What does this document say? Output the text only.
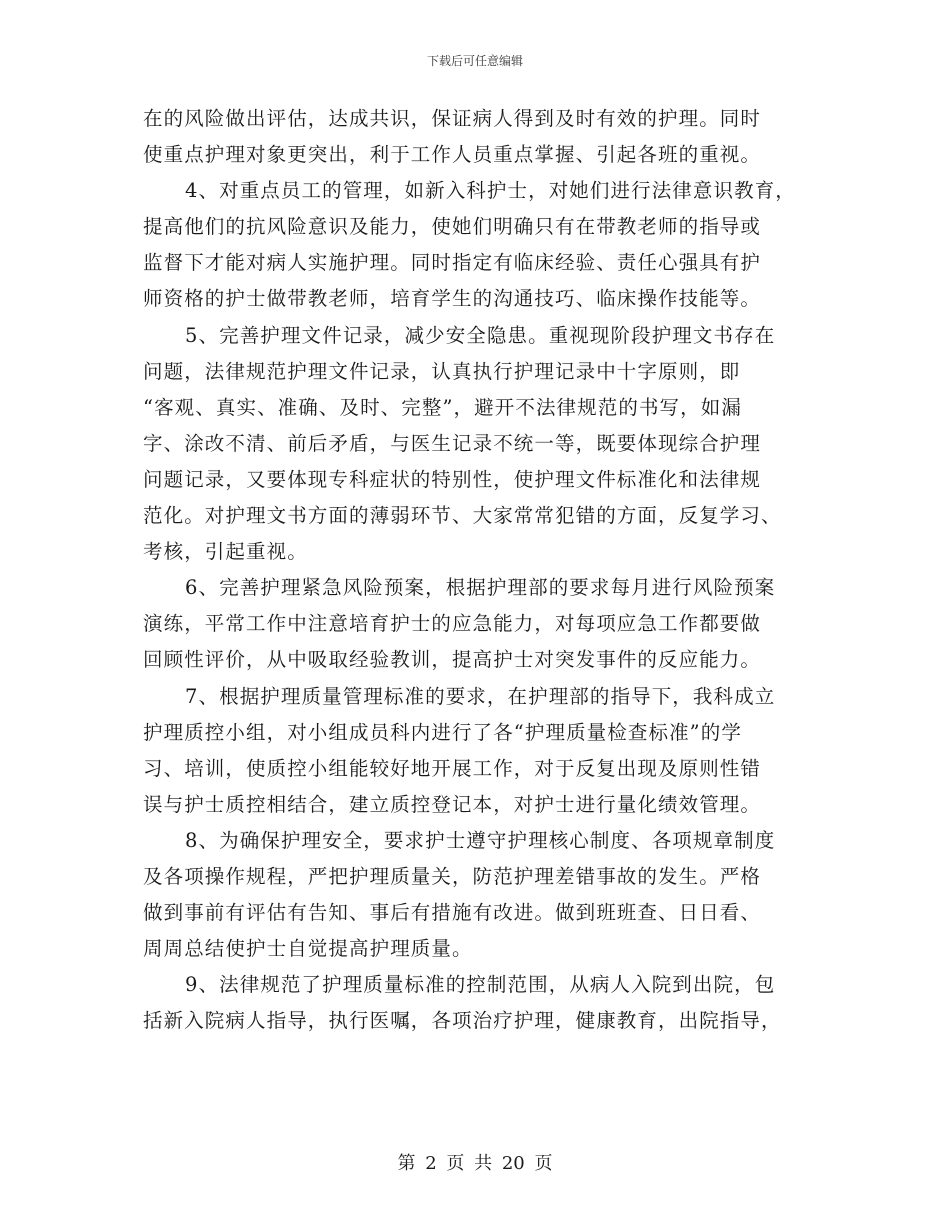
下载后可任意编辑
在的风险做出评估，达成共识，保证病人得到及时有效的护理。同时
使重点护理对象更突出，利于工作人员重点掌握、引起各班的重视。
4、对重点员工的管理，如新入科护士，对她们进行法律意识教育，
提高他们的抗风险意识及能力，使她们明确只有在带教老师的指导或
监督下才能对病人实施护理。同时指定有临床经验、责任心强具有护
师资格的护士做带教老师，培育学生的沟通技巧、临床操作技能等。
5、完善护理文件记录，减少安全隐患。重视现阶段护理文书存在
问题，法律规范护理文件记录，认真执行护理记录中十字原则，即
“客观、真实、准确、及时、完整”，避开不法律规范的书写，如漏
字、涂改不清、前后矛盾，与医生记录不统一等，既要体现综合护理
问题记录，又要体现专科症状的特别性，使护理文件标准化和法律规
范化。对护理文书方面的薄弱环节、大家常常犯错的方面，反复学习、
考核，引起重视。
6、完善护理紧急风险预案，根据护理部的要求每月进行风险预案
演练，平常工作中注意培育护士的应急能力，对每项应急工作都要做
回顾性评价，从中吸取经验教训，提高护士对突发事件的反应能力。
7、根据护理质量管理标准的要求，在护理部的指导下，我科成立
护理质控小组，对小组成员科内进行了各“护理质量检查标准”的学
习、培训，使质控小组能较好地开展工作，对于反复出现及原则性错
误与护士质控相结合，建立质控登记本，对护士进行量化绩效管理。
8、为确保护理安全，要求护士遵守护理核心制度、各项规章制度
及各项操作规程，严把护理质量关，防范护理差错事故的发生。严格
做到事前有评估有告知、事后有措施有改进。做到班班查、日日看、
周周总结使护士自觉提高护理质量。
9、法律规范了护理质量标准的控制范围，从病人入院到出院，包
括新入院病人指导，执行医嘱，各项治疗护理，健康教育，出院指导，
第 2 页 共 20 页
